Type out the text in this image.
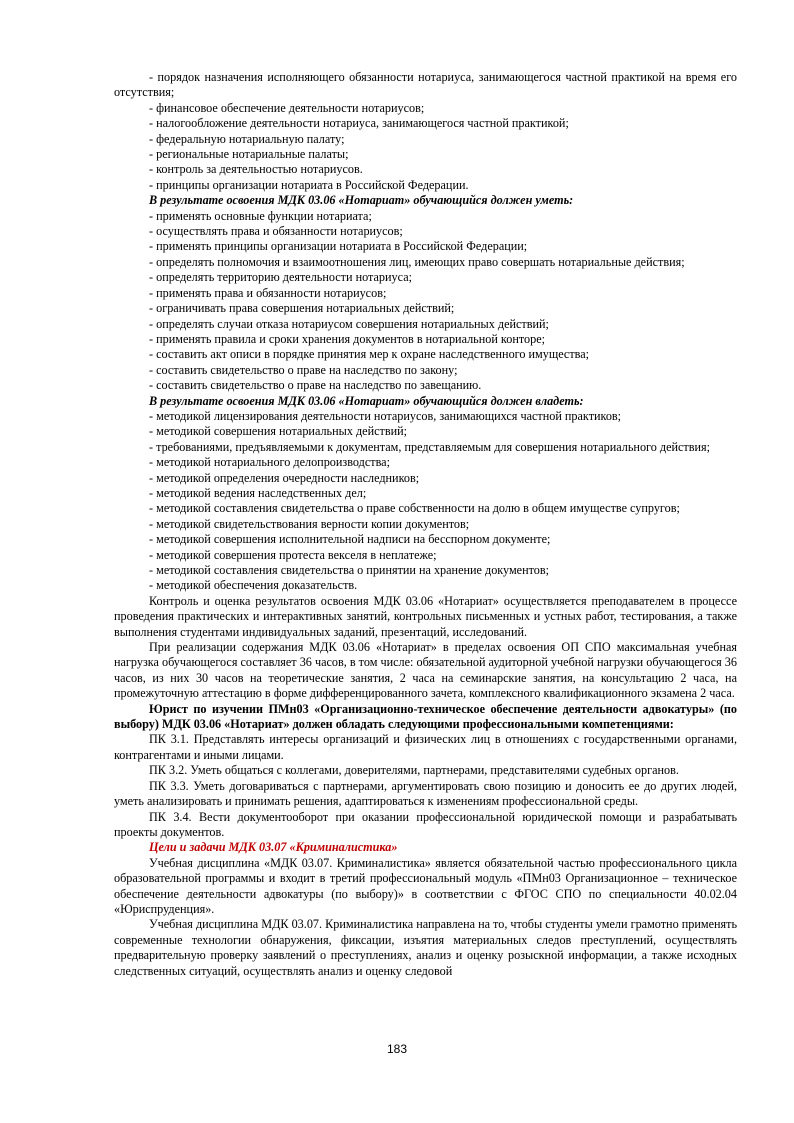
- порядок назначения исполняющего обязанности нотариуса, занимающегося частной практикой на время его отсутствия;

- финансовое обеспечение деятельности нотариусов;

- налогообложение деятельности нотариуса, занимающегося частной практикой;

- федеральную нотариальную палату;

- региональные нотариальные палаты;

- контроль за деятельностью нотариусов.

- принципы организации нотариата в Российской Федерации.

В результате освоения МДК 03.06 «Нотариат» обучающийся должен уметь:

- применять основные функции нотариата;

- осуществлять права и обязанности нотариусов;

- применять принципы организации нотариата в Российской Федерации;

- определять полномочия и взаимоотношения лиц, имеющих право совершать нотариальные действия;

- определять территорию деятельности нотариуса;

- применять права и обязанности нотариусов;

- ограничивать права совершения нотариальных действий;

- определять случаи отказа нотариусом совершения нотариальных действий;

- применять правила и сроки хранения документов в нотариальной конторе;

- составить акт описи в порядке принятия мер к охране наследственного имущества;

- составить свидетельство о праве на наследство по закону;

- составить свидетельство о праве на наследство по завещанию.

В результате освоения МДК 03.06 «Нотариат» обучающийся должен владеть:

- методикой лицензирования деятельности нотариусов, занимающихся частной практиков;

- методикой совершения нотариальных действий;

- требованиями, предъявляемыми к документам, представляемым для совершения нотариального действия;

- методикой нотариального делопроизводства;

- методикой определения очередности наследников;

- методикой ведения наследственных дел;

- методикой составления свидетельства о праве собственности на долю в общем имуществе супругов;

- методикой свидетельствования верности копии документов;

- методикой совершения исполнительной надписи на бесспорном документе;

- методикой совершения протеста векселя в неплатеже;

- методикой составления свидетельства о принятии на хранение документов;

- методикой обеспечения доказательств.

Контроль и оценка результатов освоения МДК 03.06 «Нотариат» осуществляется преподавателем в процессе проведения практических и интерактивных занятий, контрольных письменных и устных работ, тестирования, а также выполнения студентами индивидуальных заданий, презентаций, исследований.

При реализации содержания МДК 03.06 «Нотариат» в пределах освоения ОП СПО максимальная учебная нагрузка обучающегося составляет 36 часов, в том числе: обязательной аудиторной учебной нагрузки обучающегося 36 часов, из них 30 часов на теоретические занятия, 2 часа на семинарские занятия, на консультацию 2 часа, на промежуточную аттестацию в форме дифференцированного зачета, комплексного квалификационного экзамена 2 часа.

Юрист по изучении ПМн03 «Организационно-техническое обеспечение деятельности адвокатуры» (по выбору) МДК 03.06 «Нотариат» должен обладать следующими профессиональными компетенциями:

ПК 3.1. Представлять интересы организаций и физических лиц в отношениях с государственными органами, контрагентами и иными лицами.

ПК 3.2. Уметь общаться с коллегами, доверителями, партнерами, представителями судебных органов.

ПК 3.3. Уметь договариваться с партнерами, аргументировать свою позицию и доносить ее до других людей, уметь анализировать и принимать решения, адаптироваться к изменениям профессиональной среды.

ПК 3.4. Вести документооборот при оказании профессиональной юридической помощи и разрабатывать проекты документов.

Цели и задачи МДК 03.07 «Криминалистика»

Учебная дисциплина «МДК 03.07. Криминалистика» является обязательной частью профессионального цикла образовательной программы и входит в третий профессиональный модуль «ПМн03 Организационное – техническое обеспечение деятельности адвокатуры (по выбору)» в соответствии с ФГОС СПО по специальности 40.02.04 «Юриспруденция».

Учебная дисциплина МДК 03.07. Криминалистика направлена на то, чтобы студенты умели грамотно применять современные технологии обнаружения, фиксации, изъятия материальных следов преступлений, осуществлять предварительную проверку заявлений о преступлениях, анализ и оценку розыскной информации, а также исходных следственных ситуаций, осуществлять анализ и оценку следовой

183
